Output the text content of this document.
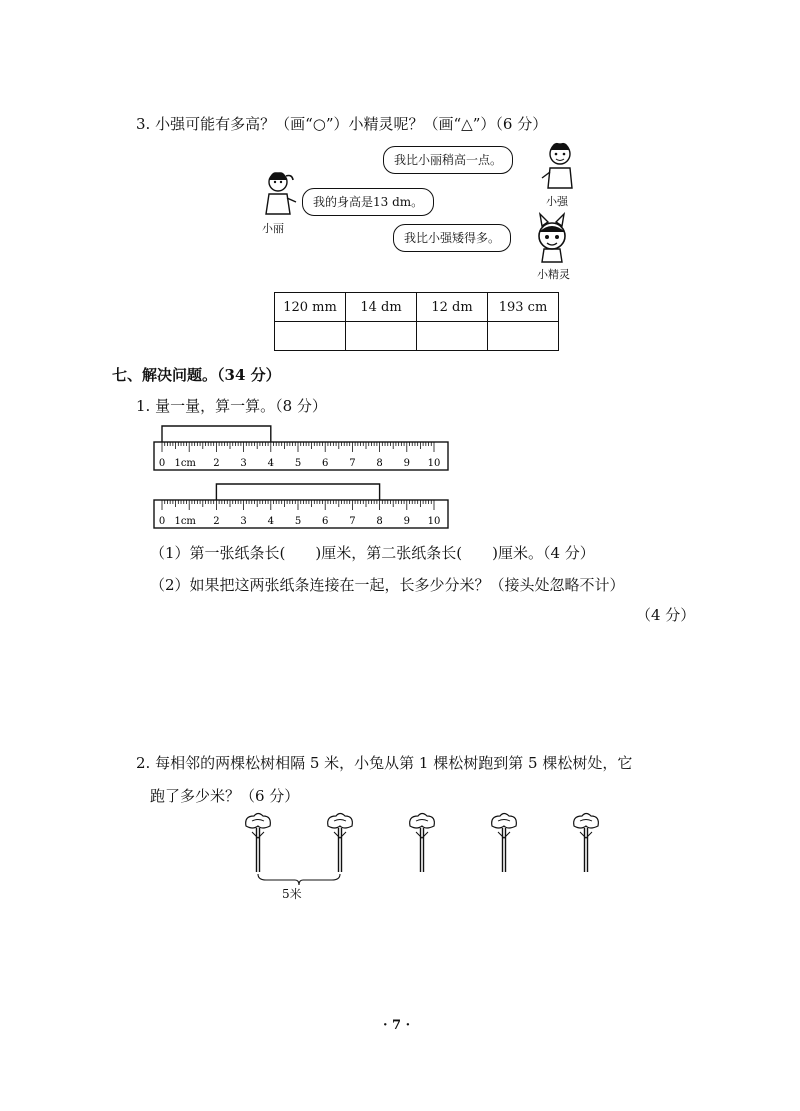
3. 小强可能有多高？（画“○”）小精灵呢？（画“△”）（6 分）
我比小丽稍高一点。
小强
我的身高是13 dm。
小丽
我比小强矮得多。
小精灵
120 mm	14 dm	12 dm	193 cm

七、解决问题。（34 分）
1. 量一量，算一算。（8 分）
0 1cm 2 3 4 5 6 7 8 9 10
0 1cm 2 3 4 5 6 7 8 9 10
（1）第一张纸条长(　　)厘米，第二张纸条长(　　)厘米。（4 分）
（2）如果把这两张纸条连接在一起，长多少分米？（接头处忽略不计）
（4 分）
2. 每相邻的两棵松树相隔 5 米，小兔从第 1 棵松树跑到第 5 棵松树处，它
跑了多少米？（6 分）
5米
· 7 ·
